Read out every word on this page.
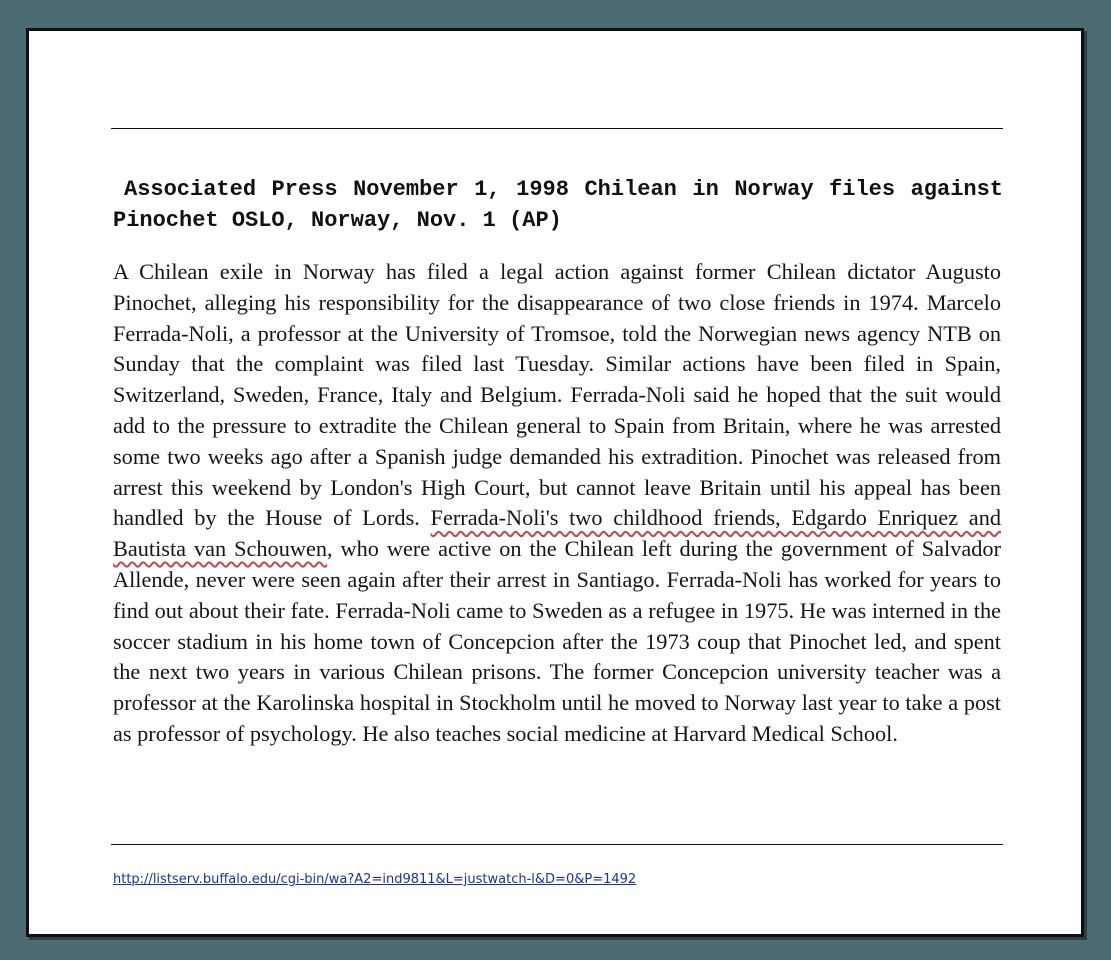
Associated Press November 1, 1998 Chilean in Norway files against Pinochet OSLO, Norway, Nov. 1 (AP)

A Chilean exile in Norway has filed a legal action against former Chilean dictator Augusto Pinochet, alleging his responsibility for the disappearance of two close friends in 1974. Marcelo Ferrada-Noli, a professor at the University of Tromsoe, told the Norwegian news agency NTB on Sunday that the complaint was filed last Tuesday. Similar actions have been filed in Spain, Switzerland, Sweden, France, Italy and Belgium. Ferrada-Noli said he hoped that the suit would add to the pressure to extradite the Chilean general to Spain from Britain, where he was arrested some two weeks ago after a Spanish judge demanded his extradition. Pinochet was released from arrest this weekend by London's High Court, but cannot leave Britain until his appeal has been handled by the House of Lords. Ferrada-Noli's two childhood friends, Edgardo Enriquez and Bautista van Schouwen, who were active on the Chilean left during the government of Salvador Allende, never were seen again after their arrest in Santiago. Ferrada-Noli has worked for years to find out about their fate. Ferrada-Noli came to Sweden as a refugee in 1975. He was interned in the soccer stadium in his home town of Concepcion after the 1973 coup that Pinochet led, and spent the next two years in various Chilean prisons. The former Concepcion university teacher was a professor at the Karolinska hospital in Stockholm until he moved to Norway last year to take a post as professor of psychology. He also teaches social medicine at Harvard Medical School.

http://listserv.buffalo.edu/cgi-bin/wa?A2=ind9811&L=justwatch-l&D=0&P=1492
